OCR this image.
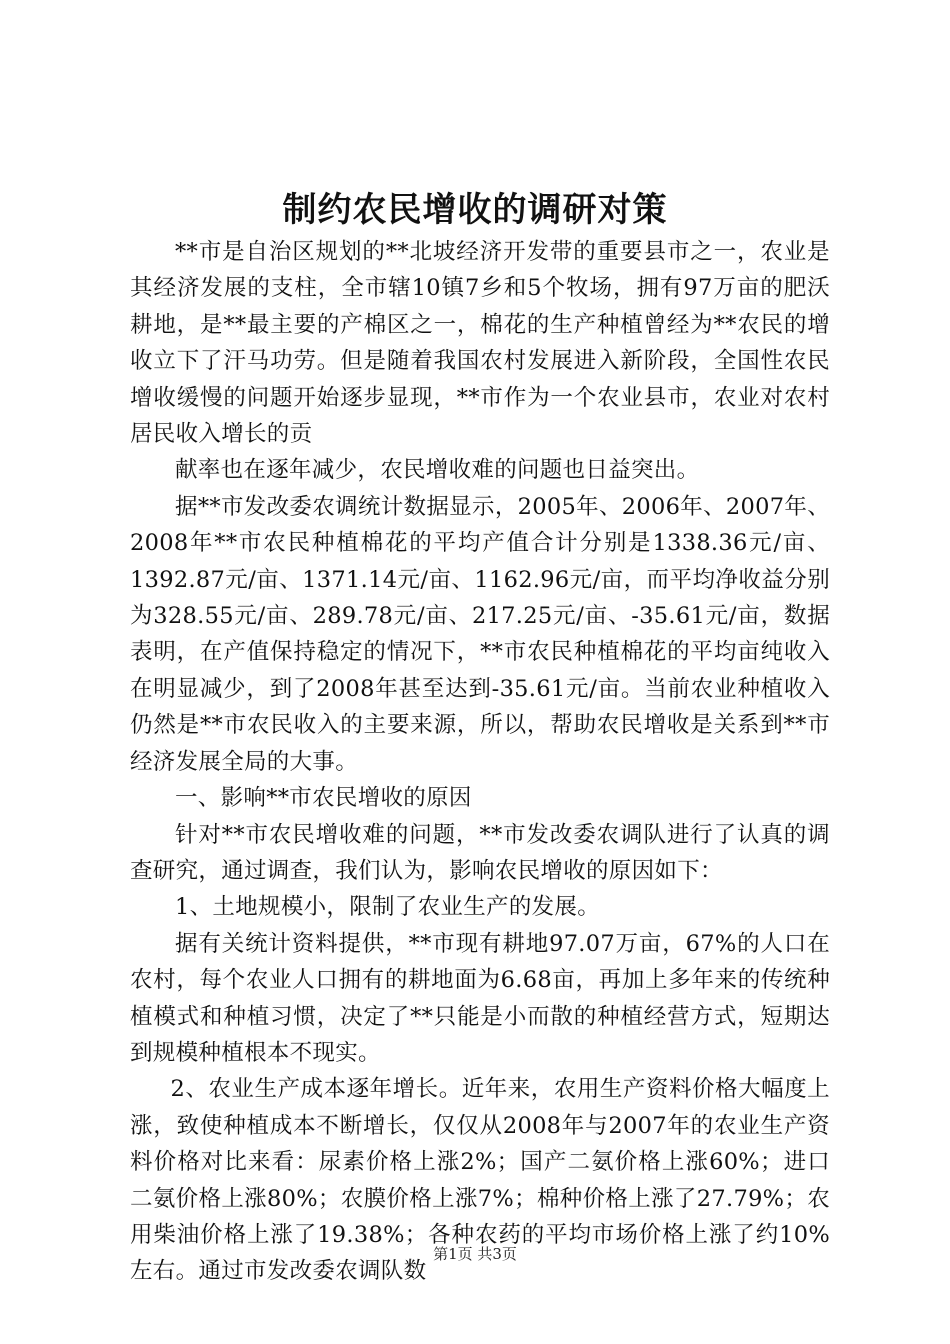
制约农民增收的调研对策

**市是自治区规划的**北坡经济开发带的重要县市之一，农业是其经济发展的支柱，全市辖10镇7乡和5个牧场，拥有97万亩的肥沃耕地，是**最主要的产棉区之一，棉花的生产种植曾经为**农民的增收立下了汗马功劳。但是随着我国农村发展进入新阶段，全国性农民增收缓慢的问题开始逐步显现，**市作为一个农业县市，农业对农村居民收入增长的贡

献率也在逐年减少，农民增收难的问题也日益突出。

据**市发改委农调统计数据显示，2005年、2006年、2007年、2008年**市农民种植棉花的平均产值合计分别是1338.36元/亩、1392.87元/亩、1371.14元/亩、1162.96元/亩，而平均净收益分别为328.55元/亩、289.78元/亩、217.25元/亩、-35.61元/亩，数据表明，在产值保持稳定的情况下，**市农民种植棉花的平均亩纯收入在明显减少，到了2008年甚至达到-35.61元/亩。当前农业种植收入仍然是**市农民收入的主要来源，所以，帮助农民增收是关系到**市经济发展全局的大事。

一、影响**市农民增收的原因

针对**市农民增收难的问题，**市发改委农调队进行了认真的调查研究，通过调查，我们认为，影响农民增收的原因如下：

1、土地规模小，限制了农业生产的发展。

据有关统计资料提供，**市现有耕地97.07万亩，67%的人口在农村，每个农业人口拥有的耕地面为6.68亩，再加上多年来的传统种植模式和种植习惯，决定了**只能是小而散的种植经营方式，短期达到规模种植根本不现实。

2、农业生产成本逐年增长。近年来，农用生产资料价格大幅度上涨，致使种植成本不断增长，仅仅从2008年与2007年的农业生产资料价格对比来看：尿素价格上涨2%；国产二氨价格上涨60%；进口二氨价格上涨80%；农膜价格上涨7%；棉种价格上涨了27.79%；农用柴油价格上涨了19.38%；各种农药的平均市场价格上涨了约10%左右。通过市发改委农调队数

第1页 共3页
